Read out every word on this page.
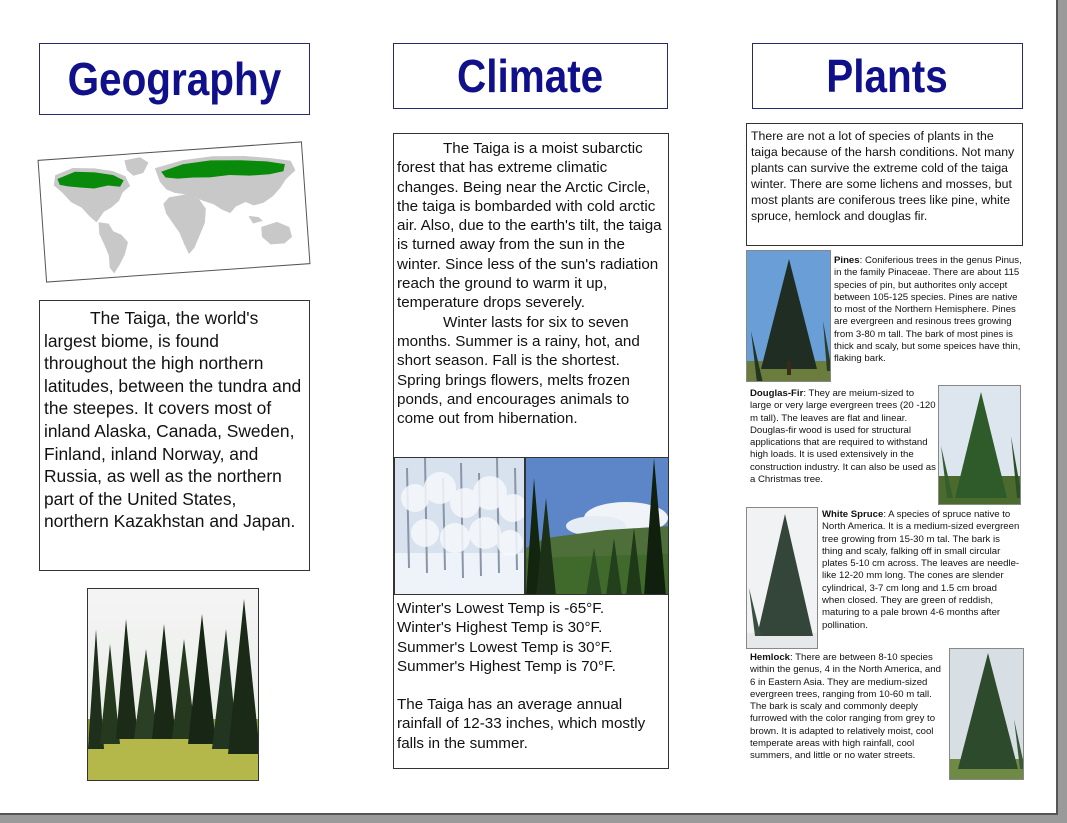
Geography

The Taiga, the world's largest biome, is found throughout the high northern latitudes, between the tundra and the steepes. It covers most of inland Alaska, Canada, Sweden, Finland, inland Norway, and Russia, as well as the northern part of the United States, northern Kazakhstan and Japan.

Climate

The Taiga is a moist subarctic forest that has extreme climatic changes. Being near the Arctic Circle, the taiga is bombarded with cold arctic air. Also, due to the earth's tilt, the taiga is turned away from the sun in the winter. Since less of the sun's radiation reach the ground to warm it up, temperature drops severely.

Winter lasts for six to seven months. Summer is a rainy, hot, and short season. Fall is the shortest. Spring brings flowers, melts frozen ponds, and encourages animals to come out from hibernation.

Winter's Lowest Temp is -65°F.

Winter's Highest Temp is 30°F.

Summer's Lowest Temp is 30°F.

Summer's Highest Temp is 70°F.

The Taiga has an average annual rainfall of 12-33 inches, which mostly falls in the summer.

Plants

There are not a lot of species of plants in the taiga because of the harsh conditions. Not many plants can survive the extreme cold of the taiga winter. There are some lichens and mosses, but most plants are coniferous trees like pine, white spruce, hemlock and douglas fir.

Pines: Coniferious trees in the genus Pinus, in the family Pinaceae. There are about 115 species of pin, but authorites only accept between 105-125 species. Pines are native to most of the Northern Hemisphere. Pines are evergreen and resinous trees growing from 3-80 m tall. The bark of most pines is thick and scaly, but some speices have thin, flaking bark.
Douglas-Fir: They are meium-sized to large or very large evergreen trees (20 -120 m tall). The leaves are flat and linear. Douglas-fir wood is used for structural applications that are required to withstand high loads. It is used extensively in the construction industry. It can also be used as a Christmas tree.
White Spruce: A species of spruce native to North America. It is a medium-sized evergreen tree growing from 15-30 m tal. The bark is thing and scaly, falking off in small circular plates 5-10 cm across. The leaves are needle-like 12-20 mm long. The cones are slender cylindrical, 3-7 cm long and 1.5 cm broad when closed. They are green of reddish, maturing to a pale brown 4-6 months after pollination.
Hemlock: There are between 8-10 species within the genus, 4 in the North America, and 6 in Eastern Asia. They are medium-sized evergreen trees, ranging from 10-60 m tall. The bark is scaly and commonly deeply furrowed with the color ranging from grey to brown. It is adapted to relatively moist, cool temperate areas with high rainfall, cool summers, and little or no water streets.
